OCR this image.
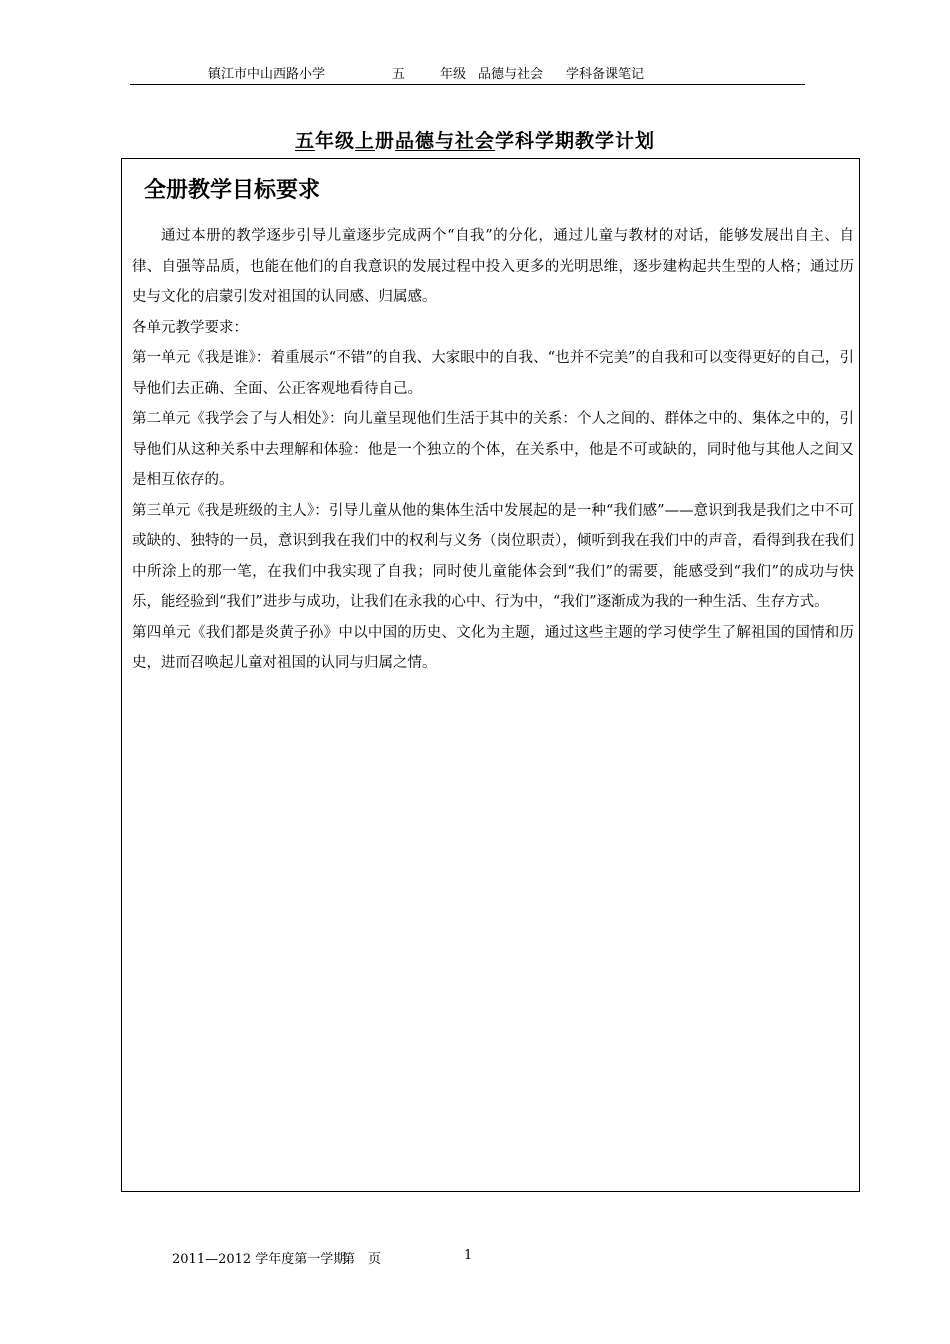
镇江市中山西路小学	五	年级 品德与社会 学科备课笔记
五年级上册品德与社会学科学期教学计划
全册教学目标要求

通过本册的教学逐步引导儿童逐步完成两个“自我”的分化，通过儿童与教材的对话，能够发展出自主、自律、自强等品质，也能在他们的自我意识的发展过程中投入更多的光明思维，逐步建构起共生型的人格；通过历史与文化的启蒙引发对祖国的认同感、归属感。

各单元教学要求：

第一单元《我是谁》：着重展示“不错”的自我、大家眼中的自我、“也并不完美”的自我和可以变得更好的自己，引导他们去正确、全面、公正客观地看待自己。

第二单元《我学会了与人相处》：向儿童呈现他们生活于其中的关系：个人之间的、群体之中的、集体之中的，引导他们从这种关系中去理解和体验：他是一个独立的个体，在关系中，他是不可或缺的，同时他与其他人之间又是相互依存的。

第三单元《我是班级的主人》：引导儿童从他的集体生活中发展起的是一种“我们感”——意识到我是我们之中不可或缺的、独特的一员，意识到我在我们中的权利与义务（岗位职责），倾听到我在我们中的声音，看得到我在我们中所涂上的那一笔，在我们中我实现了自我；同时使儿童能体会到“我们”的需要，能感受到“我们”的成功与快乐，能经验到“我们”进步与成功，让我们在永我的心中、行为中，“我们”逐渐成为我的一种生活、生存方式。

第四单元《我们都是炎黄子孙》中以中国的历史、文化为主题，通过这些主题的学习使学生了解祖国的国情和历史，进而召唤起儿童对祖国的认同与归属之情。

2011—2012 学年度第一学期
第　页	1
